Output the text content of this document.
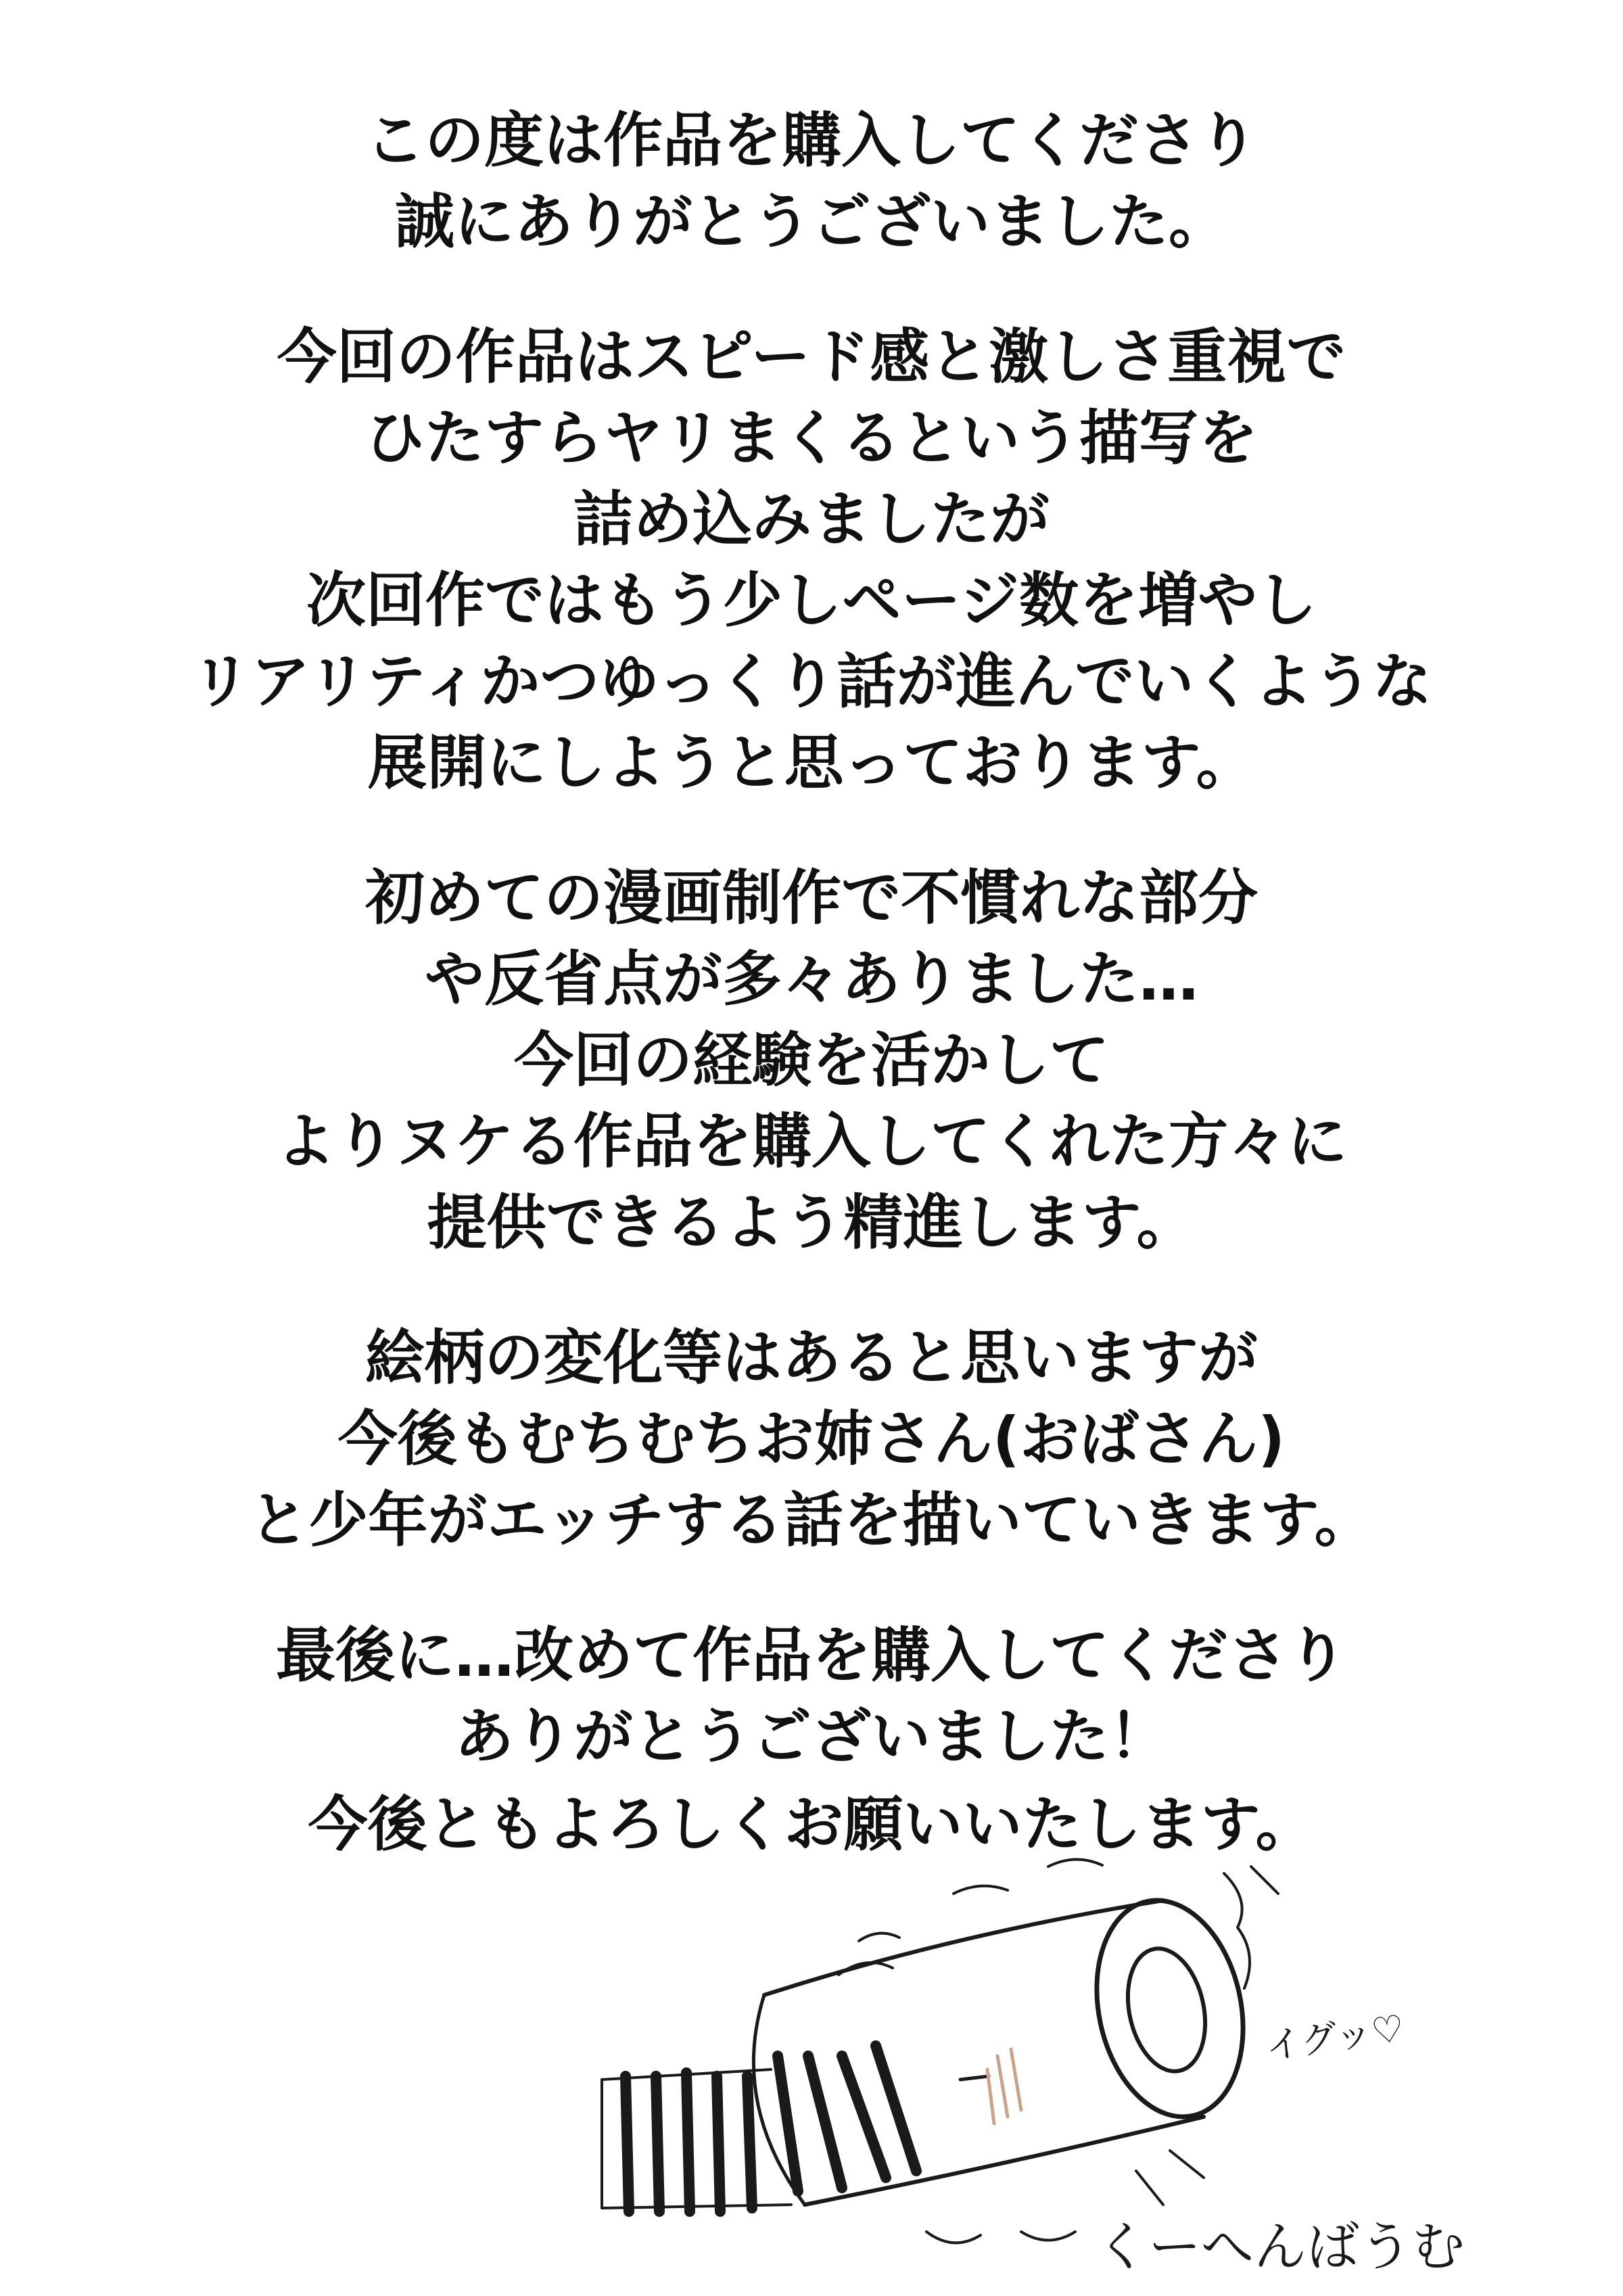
この度は作品を購入してくださり
誠にありがとうございました。
今回の作品はスピード感と激しさ重視で
ひたすらヤリまくるという描写を
詰め込みましたが
次回作ではもう少しページ数を増やし
リアリティかつゆっくり話が進んでいくような
展開にしようと思っております。
初めての漫画制作で不慣れな部分
や反省点が多々ありました…
今回の経験を活かして
よりヌケる作品を購入してくれた方々に
提供できるよう精進します。
絵柄の変化等はあると思いますが
今後もむちむちお姉さん(おばさん)
と少年がエッチする話を描いていきます。
最後に…改めて作品を購入してくださり
ありがとうございました！
今後ともよろしくお願いいたします。
イグッ♡
くーへんばうむ
